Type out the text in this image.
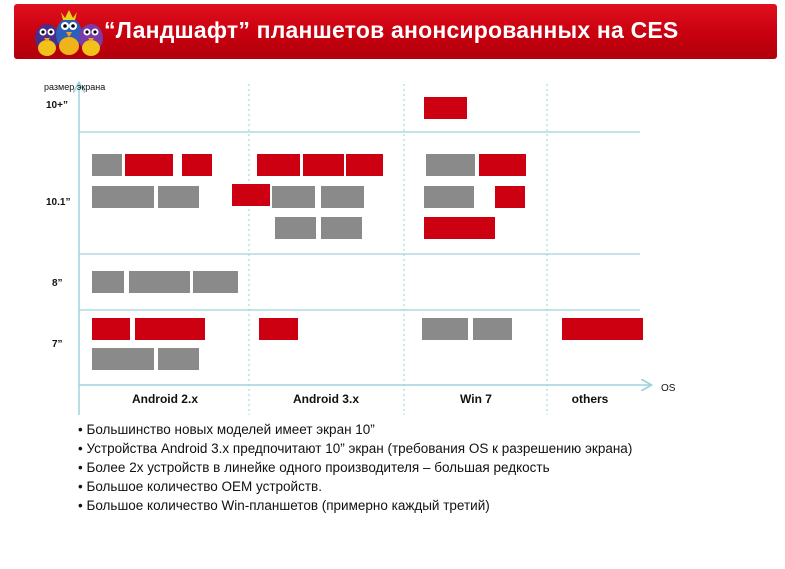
“Ландшафт” планшетов анонсированных на CES
размер экрана
OS
10+”
10.1”
8”
7”
Android 2.x	Android 3.x	Win 7	others
• Большинство новых моделей имеет экран 10”
• Устройства Android 3.x предпочитают 10” экран (требования OS к разрешению экрана)
• Более 2х устройств в линейке одного производителя – большая редкость
• Большое количество OEM устройств.
• Большое количество Win-планшетов (примерно каждый третий)
